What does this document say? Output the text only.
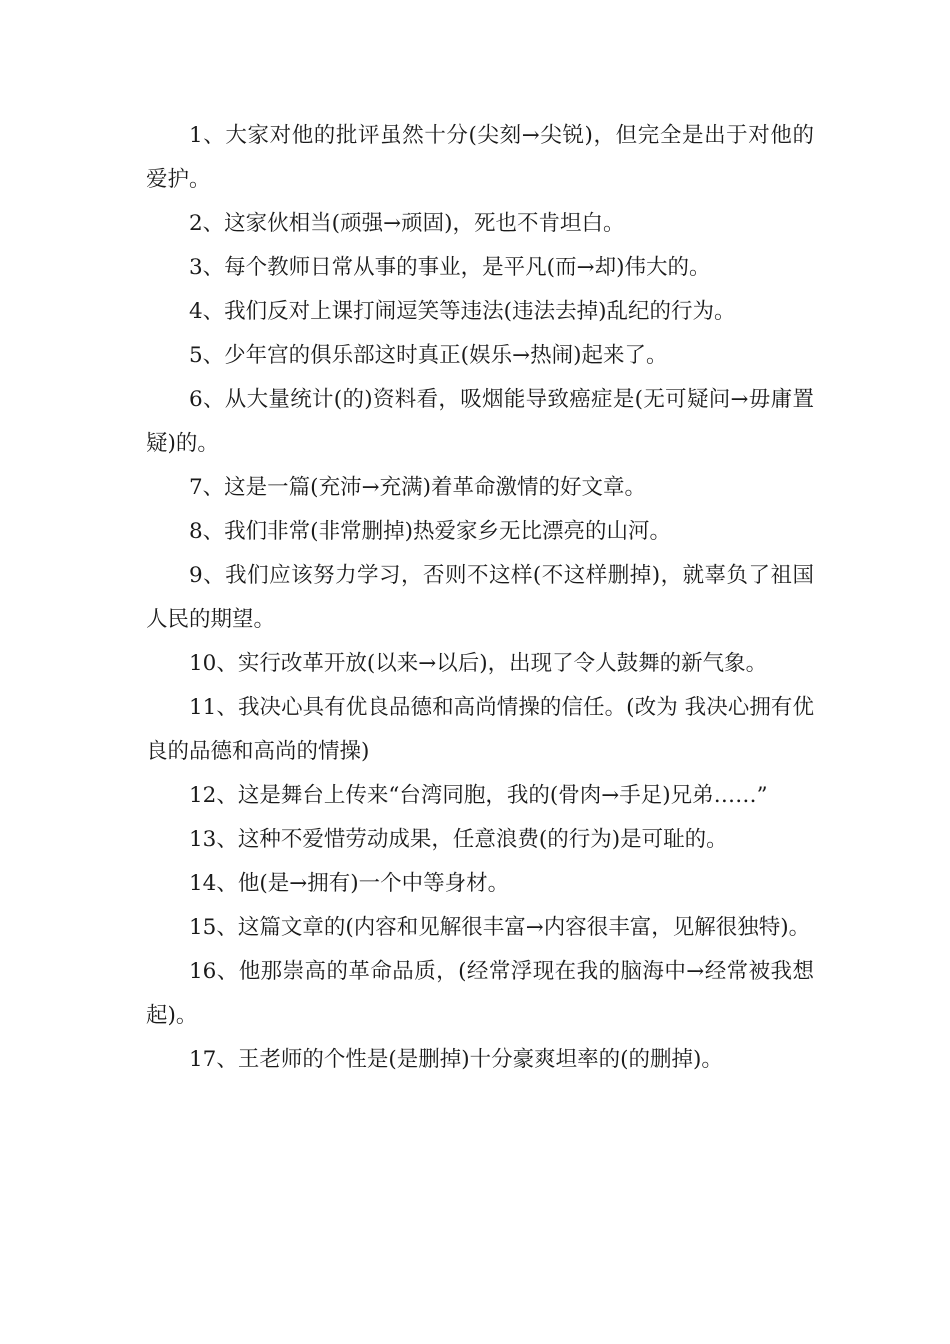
1、大家对他的批评虽然十分(尖刻→尖锐)，但完全是出于对他的爱护。

2、这家伙相当(顽强→顽固)，死也不肯坦白。

3、每个教师日常从事的事业，是平凡(而→却)伟大的。

4、我们反对上课打闹逗笑等违法(违法去掉)乱纪的行为。

5、少年宫的俱乐部这时真正(娱乐→热闹)起来了。

6、从大量统计(的)资料看，吸烟能导致癌症是(无可疑问→毋庸置疑)的。

7、这是一篇(充沛→充满)着革命激情的好文章。

8、我们非常(非常删掉)热爱家乡无比漂亮的山河。

9、我们应该努力学习，否则不这样(不这样删掉)，就辜负了祖国人民的期望。

10、实行改革开放(以来→以后)，出现了令人鼓舞的新气象。

11、我决心具有优良品德和高尚情操的信任。(改为 我决心拥有优良的品德和高尚的情操)

12、这是舞台上传来“台湾同胞，我的(骨肉→手足)兄弟……”

13、这种不爱惜劳动成果，任意浪费(的行为)是可耻的。

14、他(是→拥有)一个中等身材。

15、这篇文章的(内容和见解很丰富→内容很丰富，见解很独特)。

16、他那崇高的革命品质，(经常浮现在我的脑海中→经常被我想起)。

17、王老师的个性是(是删掉)十分豪爽坦率的(的删掉)。
